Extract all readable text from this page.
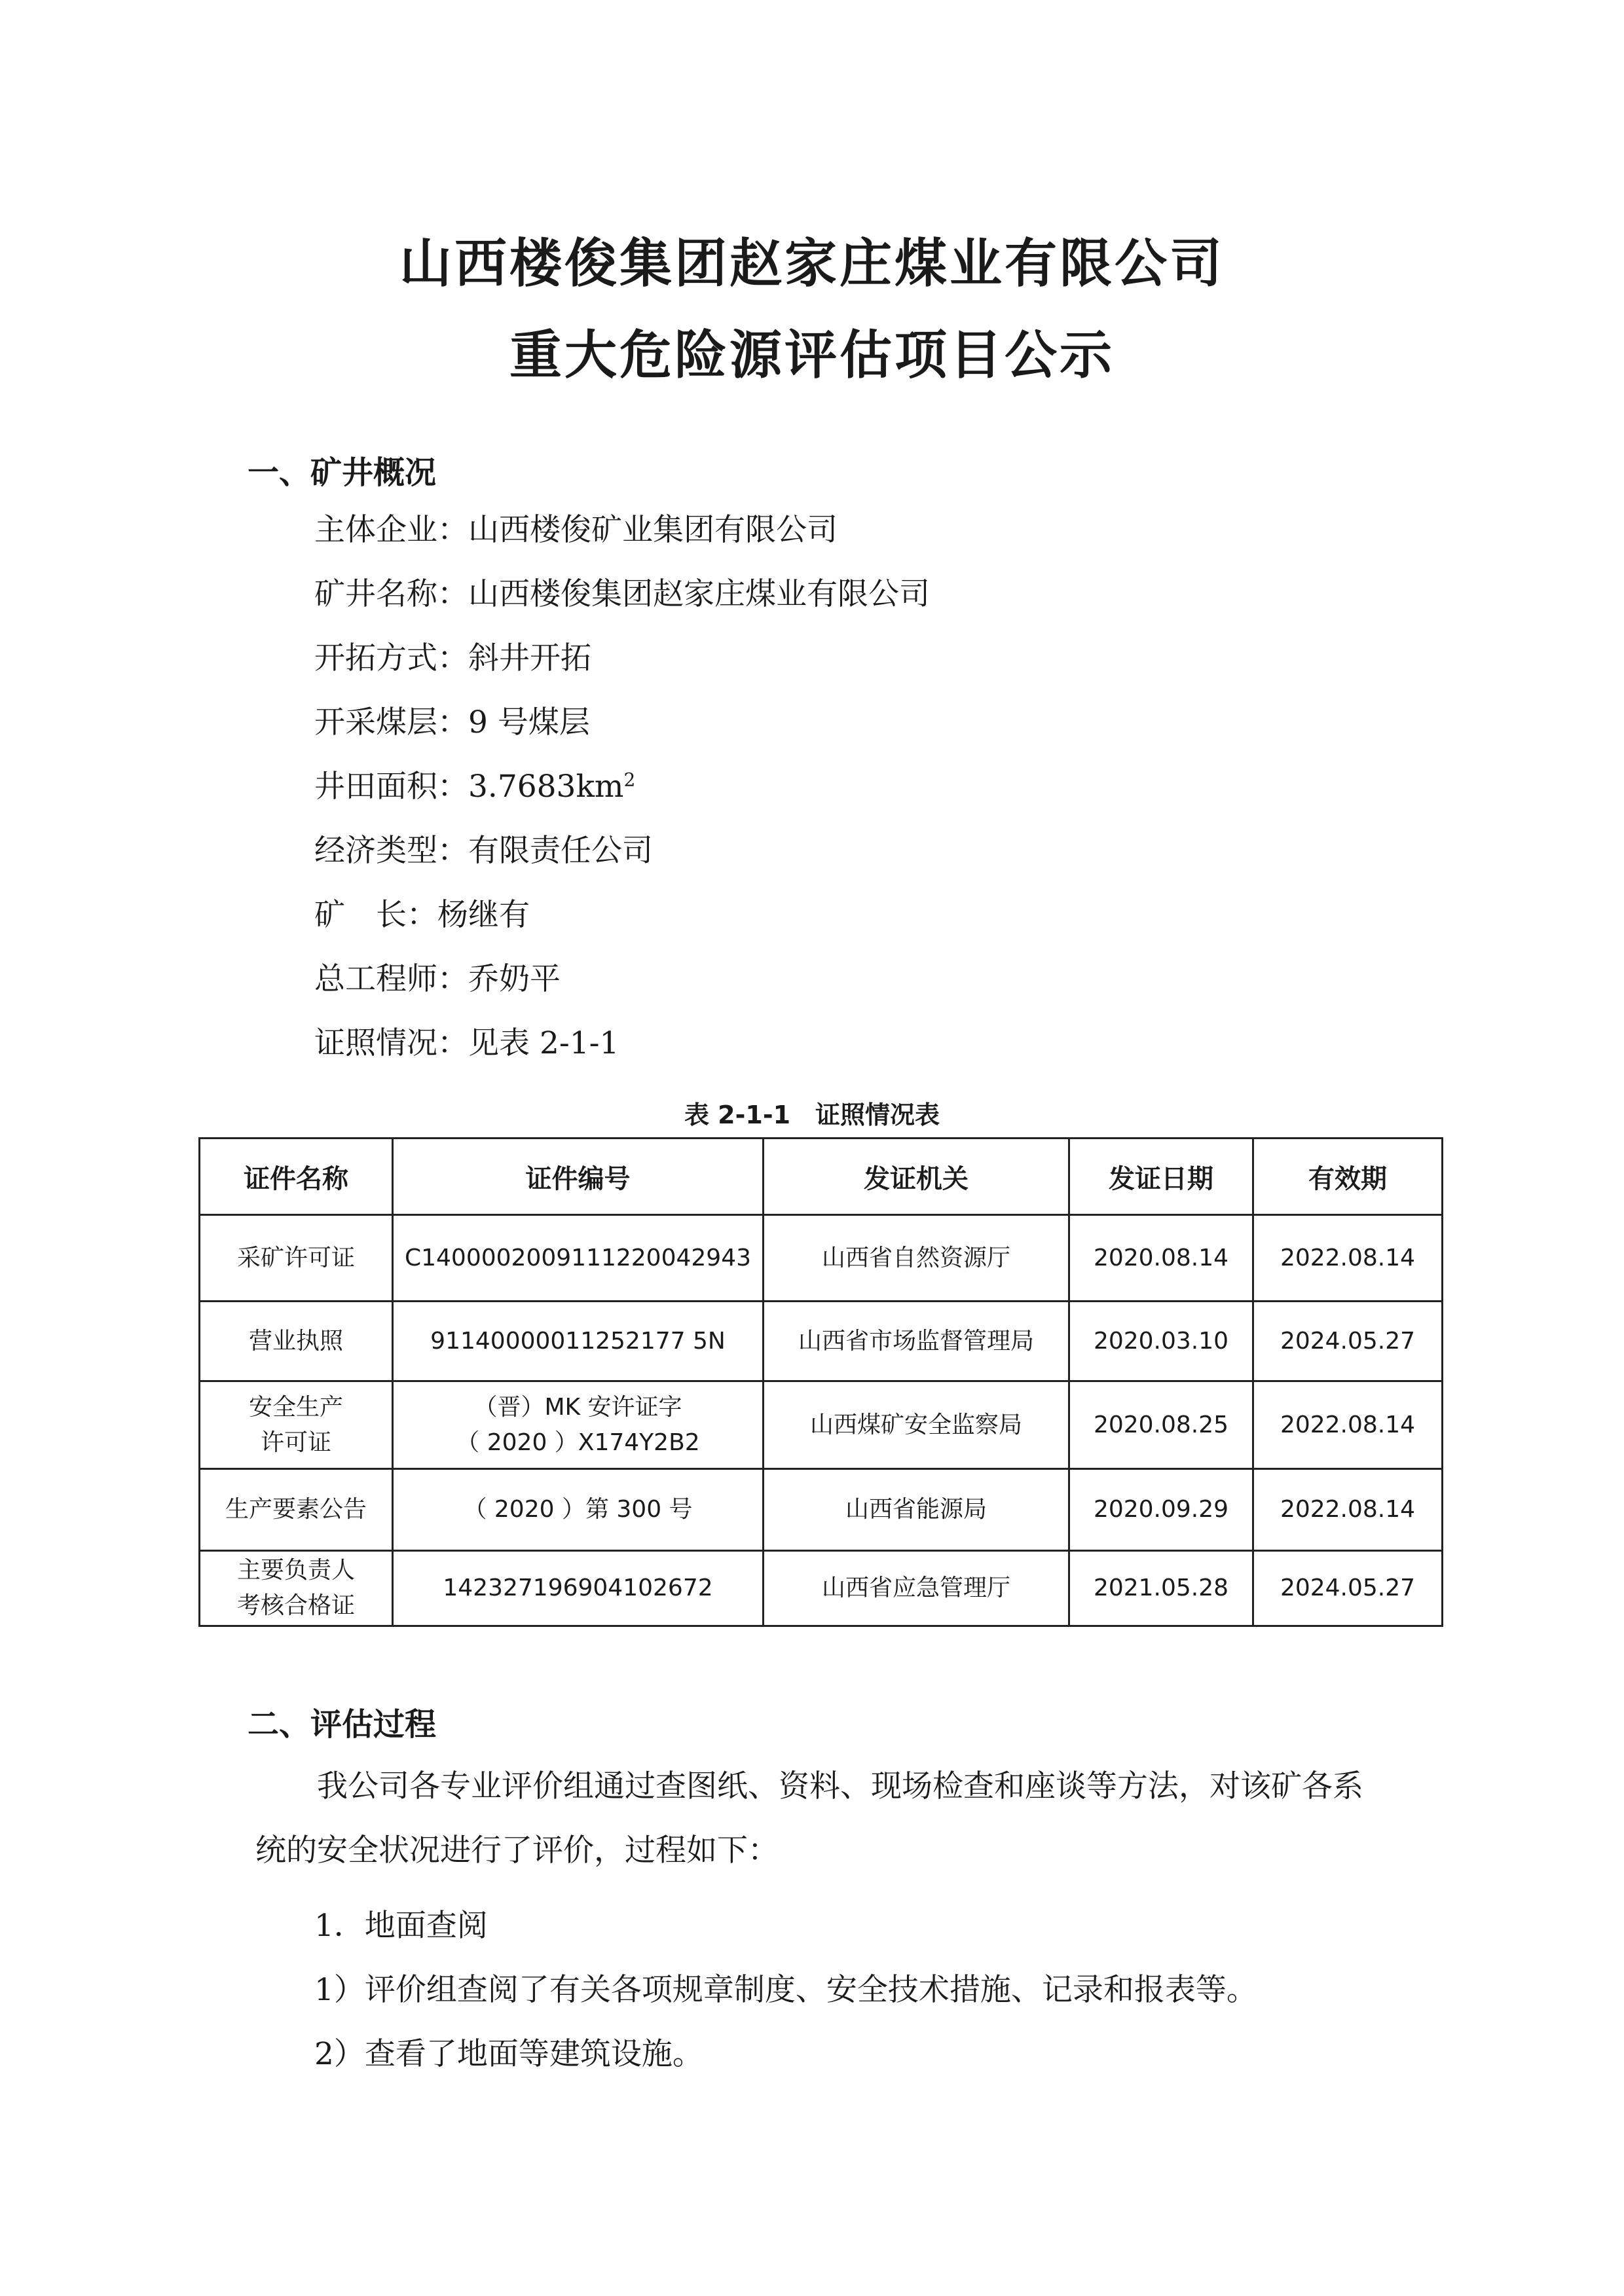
山西楼俊集团赵家庄煤业有限公司
重大危险源评估项目公示
一、矿井概况
主体企业： 山西楼俊矿业集团有限公司
矿井名称： 山西楼俊集团赵家庄煤业有限公司
开拓方式： 斜井开拓
开采煤层： 9 号煤层
井田面积： $3.7683km^2$
经济类型： 有限责任公司
矿 长： 杨继有
总工程师： 乔奶平
证照情况： 见表 2-1-1
表 2-1-1　证照情况表
证件名称	证件编号	发证机关	发证日期	有效期

采矿许可证	C1400002009111220042943	山西省自然资源厅	2020.08.14	2022.08.14

营业执照	91140000011252177 5N	山西省市场监督管理局	2020.03.10	2024.05.27

安全生产
许可证	（晋）MK 安许证字
（ 2020 ）X174Y2B2	山西煤矿安全监察局	2020.08.25	2022.08.14

生产要素公告	（ 2020 ）第 300 号	山西省能源局	2020.09.29	2022.08.14

主要负责人
考核合格证	142327196904102672	山西省应急管理厅	2021.05.28	2024.05.27
二、评估过程
我公司各专业评价组通过查图纸、资料、现场检查和座谈等方法，对该矿各系统的安全状况进行了评价，过程如下：
1．地面查阅
1）评价组查阅了有关各项规章制度、安全技术措施、记录和报表等。
2）查看了地面等建筑设施。
